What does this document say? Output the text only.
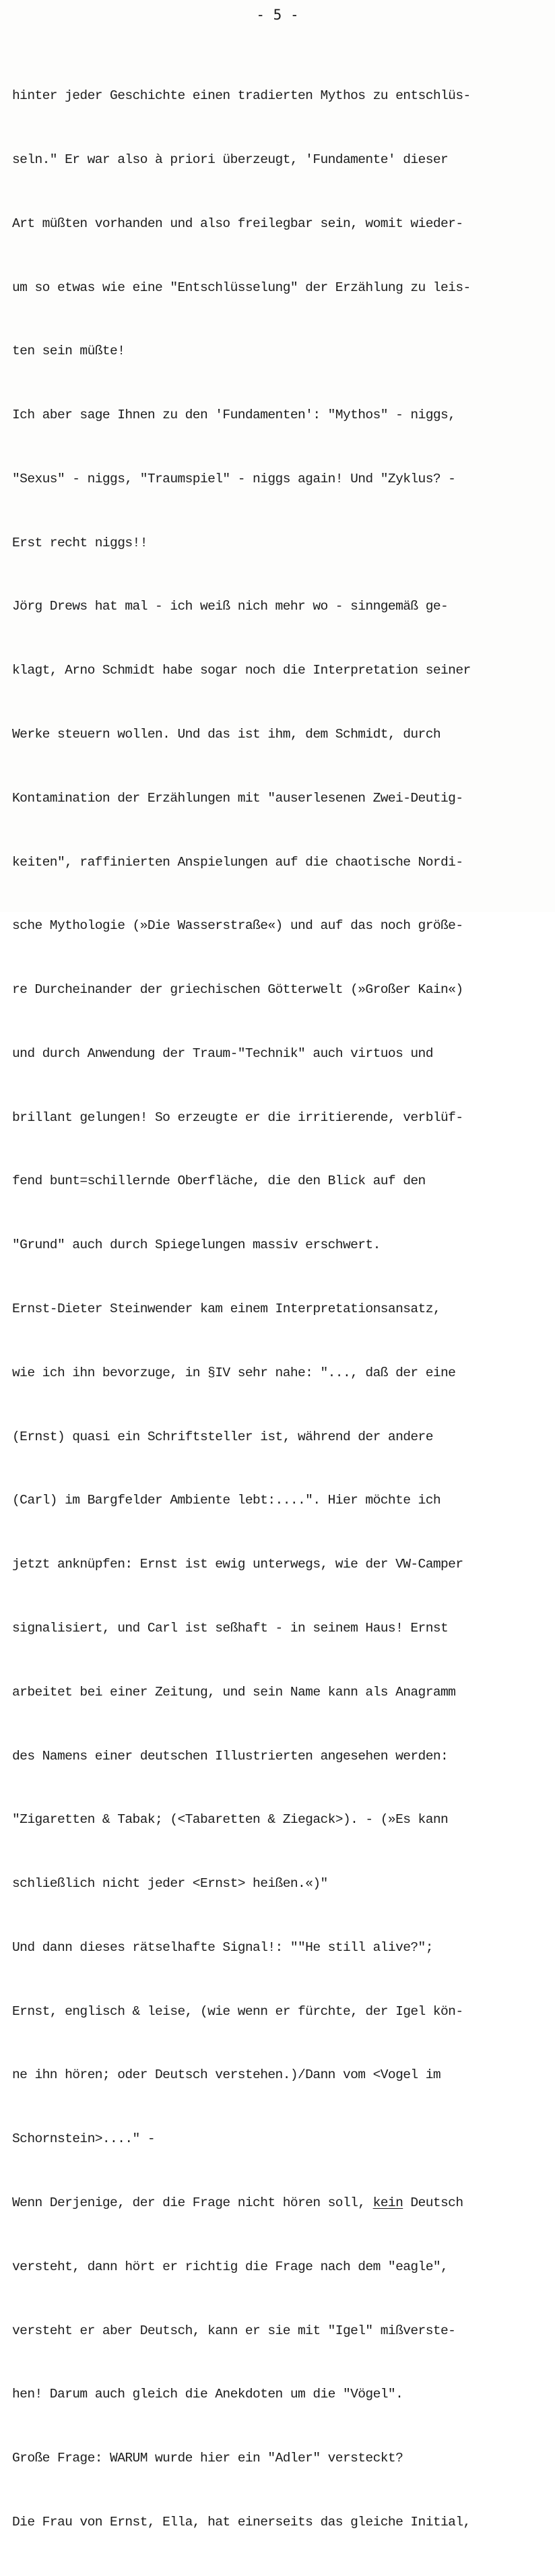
- 5 -

hinter jeder Geschichte einen tradierten Mythos zu entschlüs-

seln." Er war also à priori überzeugt, 'Fundamente' dieser

Art müßten vorhanden und also freilegbar sein, womit wieder-

um so etwas wie eine "Entschlüsselung" der Erzählung zu leis-

ten sein müßte!

Ich aber sage Ihnen zu den 'Fundamenten': "Mythos" - niggs,

"Sexus" - niggs, "Traumspiel" - niggs again! Und "Zyklus? -

Erst recht niggs!!

Jörg Drews hat mal - ich weiß nich mehr wo - sinngemäß ge-

klagt, Arno Schmidt habe sogar noch die Interpretation seiner

Werke steuern wollen. Und das ist ihm, dem Schmidt, durch

Kontamination der Erzählungen mit "auserlesenen Zwei-Deutig-

keiten", raffinierten Anspielungen auf die chaotische Nordi-

sche Mythologie (»Die Wasserstraße«) und auf das noch größe-

re Durcheinander der griechischen Götterwelt (»Großer Kain«)

und durch Anwendung der Traum-"Technik" auch virtuos und

brillant gelungen! So erzeugte er die irritierende, verblüf-

fend bunt=schillernde Oberfläche, die den Blick auf den

"Grund" auch durch Spiegelungen massiv erschwert.

Ernst-Dieter Steinwender kam einem Interpretationsansatz,

wie ich ihn bevorzuge, in §IV sehr nahe: "..., daß der eine

(Ernst) quasi ein Schriftsteller ist, während der andere

(Carl) im Bargfelder Ambiente lebt:....". Hier möchte ich

jetzt anknüpfen: Ernst ist ewig unterwegs, wie der VW-Camper

signalisiert, und Carl ist seßhaft - in seinem Haus! Ernst

arbeitet bei einer Zeitung, und sein Name kann als Anagramm

des Namens einer deutschen Illustrierten angesehen werden:

"Zigaretten & Tabak; (<Tabaretten & Ziegack>). - (»Es kann

schließlich nicht jeder <Ernst> heißen.«)"

Und dann dieses rätselhafte Signal!: ""He still alive?";

Ernst, englisch & leise, (wie wenn er fürchte, der Igel kön-

ne ihn hören; oder Deutsch verstehen.)/Dann vom <Vogel im

Schornstein>...." -

Wenn Derjenige, der die Frage nicht hören soll, kein Deutsch

versteht, dann hört er richtig die Frage nach dem "eagle",

versteht er aber Deutsch, kann er sie mit "Igel" mißverste-

hen! Darum auch gleich die Anekdoten um die "Vögel".

Große Frage: WARUM wurde hier ein "Adler" versteckt?

Die Frau von Ernst, Ella, hat einerseits das gleiche Initial,
